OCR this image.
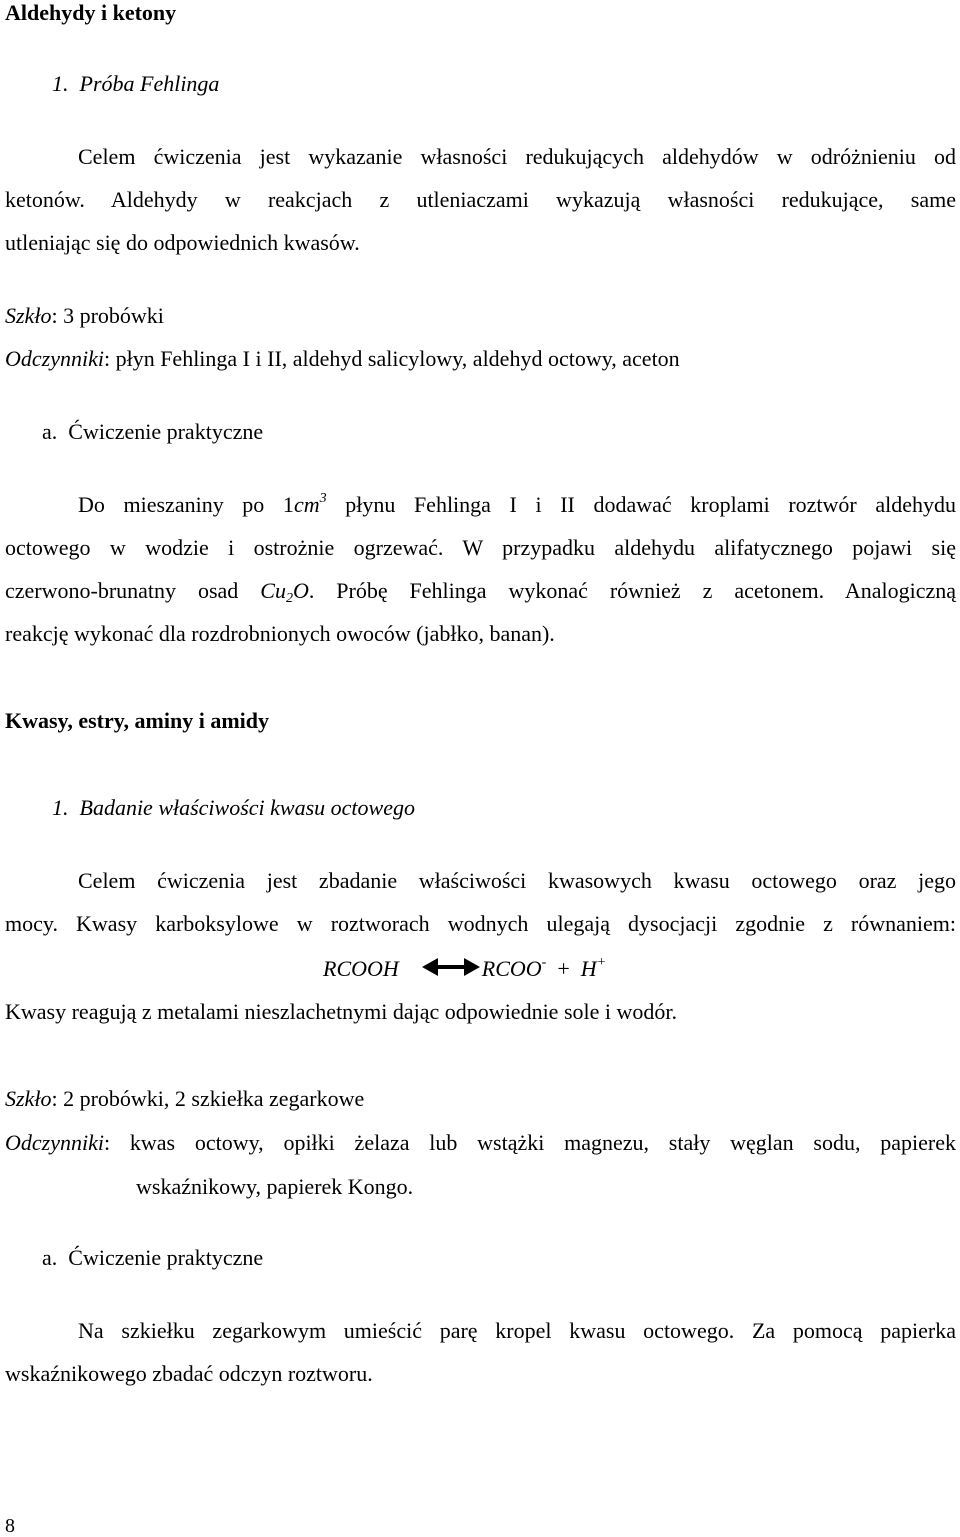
Aldehydy i ketony
1. Próba Fehlinga
Celem ćwiczenia jest wykazanie własności redukujących aldehydów w odróżnieniu od
ketonów. Aldehydy w reakcjach z utleniaczami wykazują własności redukujące, same
utleniając się do odpowiednich kwasów.
Szkło: 3 probówki
Odczynniki: płyn Fehlinga I i II, aldehyd salicylowy, aldehyd octowy, aceton
a. Ćwiczenie praktyczne
Do mieszaniny po $1cm^3$ płynu Fehlinga I i II dodawać kroplami roztwór aldehydu
octowego w wodzie i ostrożnie ogrzewać. W przypadku aldehydu alifatycznego pojawi się
czerwono-brunatny osad $Cu_2O$. Próbę Fehlinga wykonać również z acetonem. Analogiczną
reakcję wykonać dla rozdrobnionych owoców (jabłko, banan).
Kwasy, estry, aminy i amidy
1. Badanie właściwości kwasu octowego
Celem ćwiczenia jest zbadanie właściwości kwasowych kwasu octowego oraz jego
mocy. Kwasy karboksylowe w roztworach wodnych ulegają dysocjacji zgodnie z równaniem:
RCOOH	RCOO- + H+
Kwasy reagują z metalami nieszlachetnymi dając odpowiednie sole i wodór.
Szkło: 2 probówki, 2 szkiełka zegarkowe
Odczynniki: kwas octowy, opiłki żelaza lub wstążki magnezu, stały węglan sodu, papierek
wskaźnikowy, papierek Kongo.
a. Ćwiczenie praktyczne
Na szkiełku zegarkowym umieścić parę kropel kwasu octowego. Za pomocą papierka
wskaźnikowego zbadać odczyn roztworu.
8
